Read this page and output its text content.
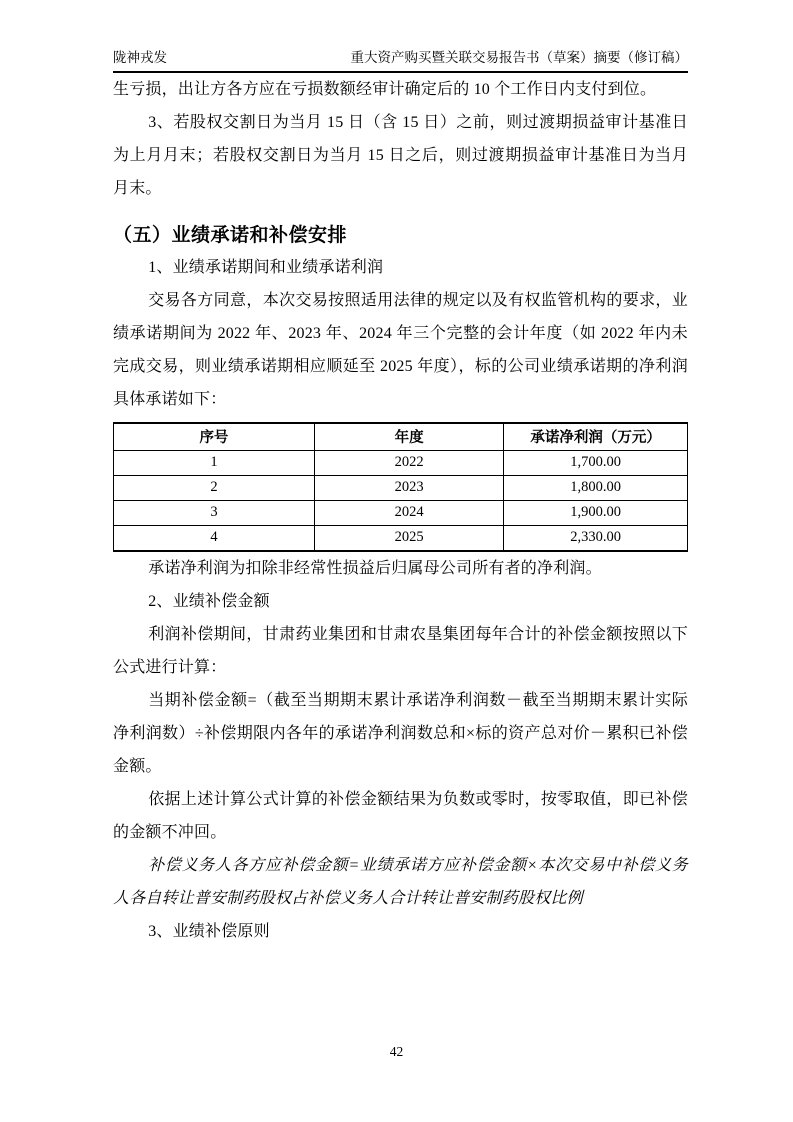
陇神戎发	重大资产购买暨关联交易报告书（草案）摘要（修订稿）

生亏损，出让方各方应在亏损数额经审计确定后的 10 个工作日内支付到位。

3、若股权交割日为当月 15 日（含 15 日）之前，则过渡期损益审计基准日为上月月末；若股权交割日为当月 15 日之后，则过渡期损益审计基准日为当月月末。

（五）业绩承诺和补偿安排

1、业绩承诺期间和业绩承诺利润

交易各方同意，本次交易按照适用法律的规定以及有权监管机构的要求，业绩承诺期间为 2022 年、2023 年、2024 年三个完整的会计年度（如 2022 年内未完成交易，则业绩承诺期相应顺延至 2025 年度），标的公司业绩承诺期的净利润具体承诺如下：

序号	年度	承诺净利润（万元）
1	2022	1,700.00
2	2023	1,800.00
3	2024	1,900.00
4	2025	2,330.00

承诺净利润为扣除非经常性损益后归属母公司所有者的净利润。

2、业绩补偿金额

利润补偿期间，甘肃药业集团和甘肃农垦集团每年合计的补偿金额按照以下公式进行计算：

当期补偿金额=（截至当期期末累计承诺净利润数－截至当期期末累计实际净利润数）÷补偿期限内各年的承诺净利润数总和×标的资产总对价－累积已补偿金额。

依据上述计算公式计算的补偿金额结果为负数或零时，按零取值，即已补偿的金额不冲回。

补偿义务人各方应补偿金额=业绩承诺方应补偿金额×本次交易中补偿义务人各自转让普安制药股权占补偿义务人合计转让普安制药股权比例

3、业绩补偿原则

42
